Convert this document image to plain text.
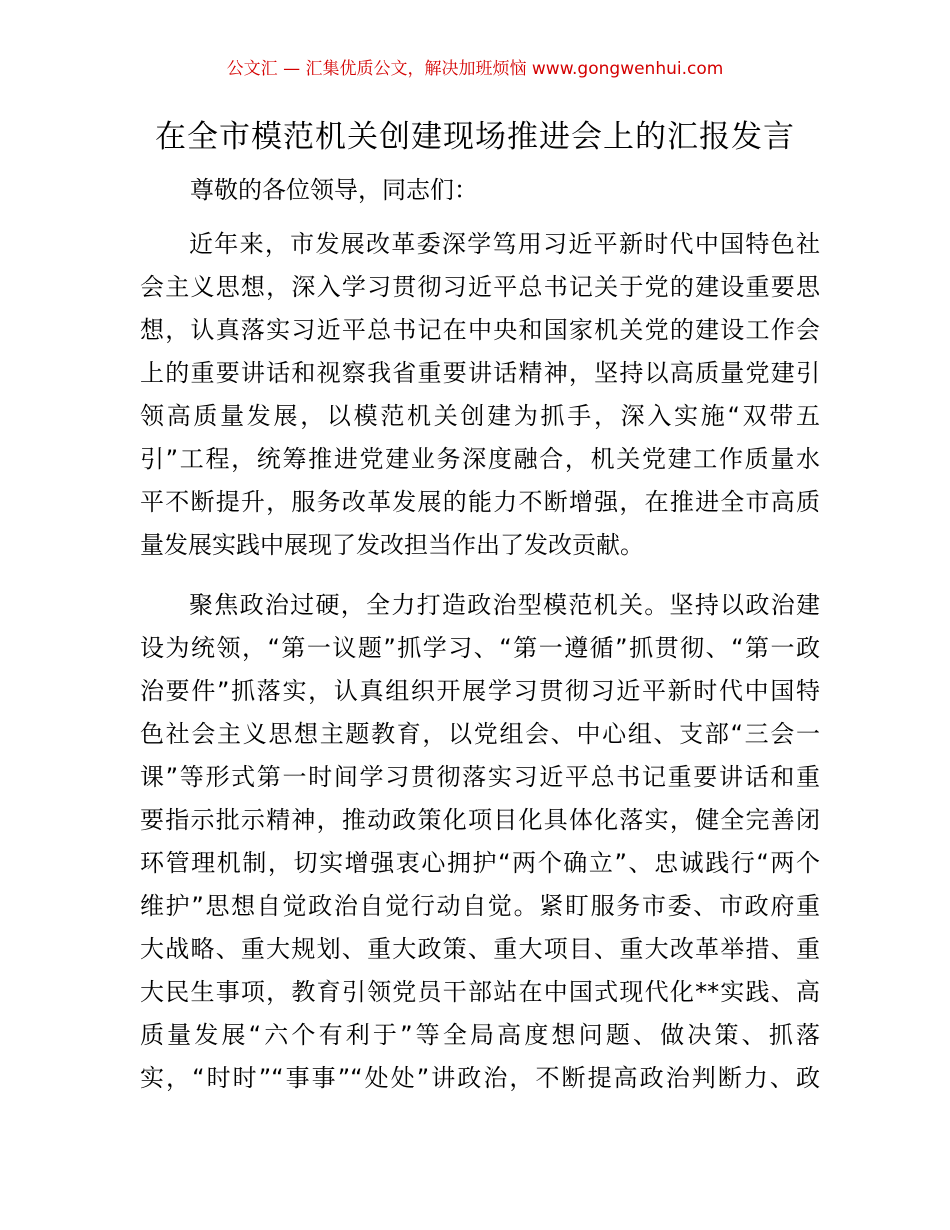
公文汇 — 汇集优质公文，解决加班烦恼 www.gongwenhui.com
在全市模范机关创建现场推进会上的汇报发言
尊敬的各位领导，同志们：
近年来，市发展改革委深学笃用习近平新时代中国特色社
会主义思想，深入学习贯彻习近平总书记关于党的建设重要思
想，认真落实习近平总书记在中央和国家机关党的建设工作会
上的重要讲话和视察我省重要讲话精神，坚持以高质量党建引
领高质量发展，以模范机关创建为抓手，深入实施“双带五
引”工程，统筹推进党建业务深度融合，机关党建工作质量水
平不断提升，服务改革发展的能力不断增强，在推进全市高质
量发展实践中展现了发改担当作出了发改贡献。
聚焦政治过硬，全力打造政治型模范机关。坚持以政治建
设为统领，“第一议题”抓学习、“第一遵循”抓贯彻、“第一政
治要件”抓落实，认真组织开展学习贯彻习近平新时代中国特
色社会主义思想主题教育，以党组会、中心组、支部“三会一
课”等形式第一时间学习贯彻落实习近平总书记重要讲话和重
要指示批示精神，推动政策化项目化具体化落实，健全完善闭
环管理机制，切实增强衷心拥护“两个确立”、忠诚践行“两个
维护”思想自觉政治自觉行动自觉。紧盯服务市委、市政府重
大战略、重大规划、重大政策、重大项目、重大改革举措、重
大民生事项，教育引领党员干部站在中国式现代化**实践、高
质量发展“六个有利于”等全局高度想问题、做决策、抓落
实，“时时”“事事”“处处”讲政治，不断提高政治判断力、政
